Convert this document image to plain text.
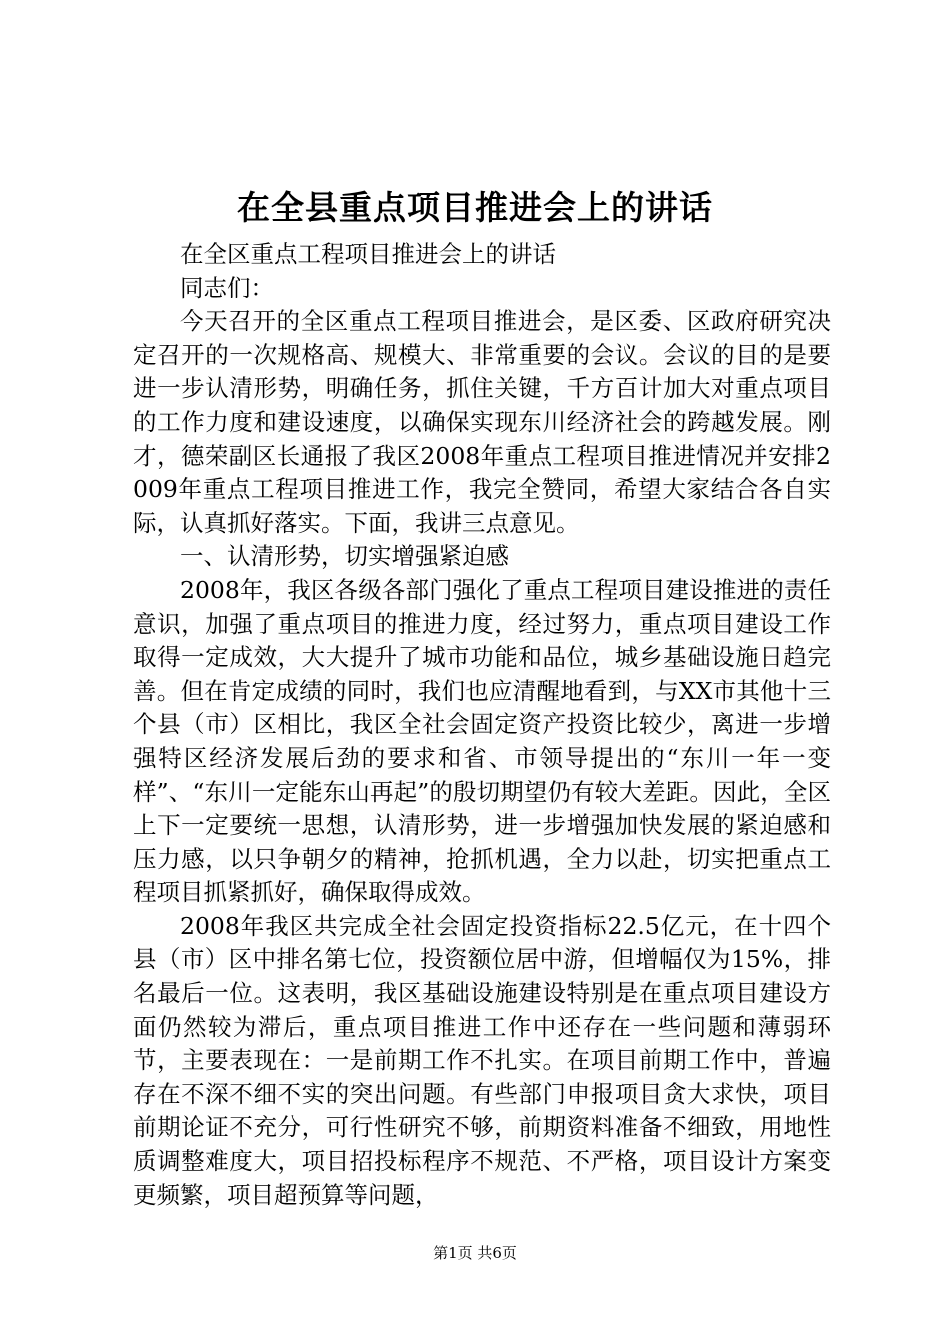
在全县重点项目推进会上的讲话

在全区重点工程项目推进会上的讲话

同志们：

今天召开的全区重点工程项目推进会，是区委、区政府研究决定召开的一次规格高、规模大、非常重要的会议。会议的目的是要进一步认清形势，明确任务，抓住关键，千方百计加大对重点项目的工作力度和建设速度，以确保实现东川经济社会的跨越发展。刚才，德荣副区长通报了我区2008年重点工程项目推进情况并安排2009年重点工程项目推进工作，我完全赞同，希望大家结合各自实际，认真抓好落实。下面，我讲三点意见。

一、认清形势，切实增强紧迫感

2008年，我区各级各部门强化了重点工程项目建设推进的责任意识，加强了重点项目的推进力度，经过努力，重点项目建设工作取得一定成效，大大提升了城市功能和品位，城乡基础设施日趋完善。但在肯定成绩的同时，我们也应清醒地看到，与XX市其他十三个县（市）区相比，我区全社会固定资产投资比较少，离进一步增强特区经济发展后劲的要求和省、市领导提出的“东川一年一变样”、“东川一定能东山再起”的殷切期望仍有较大差距。因此，全区上下一定要统一思想，认清形势，进一步增强加快发展的紧迫感和压力感，以只争朝夕的精神，抢抓机遇，全力以赴，切实把重点工程项目抓紧抓好，确保取得成效。

2008年我区共完成全社会固定投资指标22.5亿元，在十四个县（市）区中排名第七位，投资额位居中游，但增幅仅为15%，排名最后一位。这表明，我区基础设施建设特别是在重点项目建设方面仍然较为滞后，重点项目推进工作中还存在一些问题和薄弱环节，主要表现在：一是前期工作不扎实。在项目前期工作中，普遍存在不深不细不实的突出问题。有些部门申报项目贪大求快，项目前期论证不充分，可行性研究不够，前期资料准备不细致，用地性质调整难度大，项目招投标程序不规范、不严格，项目设计方案变更频繁，项目超预算等问题，

第1页 共6页
